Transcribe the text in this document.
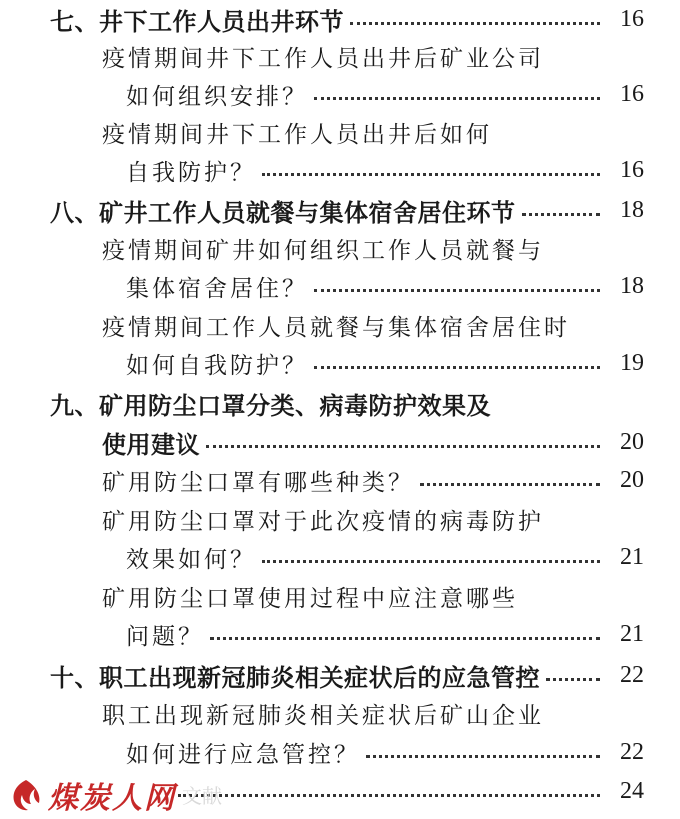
七、井下工作人员出井环节	16
疫情期间井下工作人员出井后矿业公司
如何组织安排？	16
疫情期间井下工作人员出井后如何
自我防护？	16
八、矿井工作人员就餐与集体宿舍居住环节	18
疫情期间矿井如何组织工作人员就餐与
集体宿舍居住？	18
疫情期间工作人员就餐与集体宿舍居住时
如何自我防护？	19
九、矿用防尘口罩分类、病毒防护效果及
使用建议	20
矿用防尘口罩有哪些种类？	20
矿用防尘口罩对于此次疫情的病毒防护
效果如何？	21
矿用防尘口罩使用过程中应注意哪些
问题？	21
十、职工出现新冠肺炎相关症状后的应急管控	22
职工出现新冠肺炎相关症状后矿山企业
如何进行应急管控？	22
24
煤炭人网 文献
